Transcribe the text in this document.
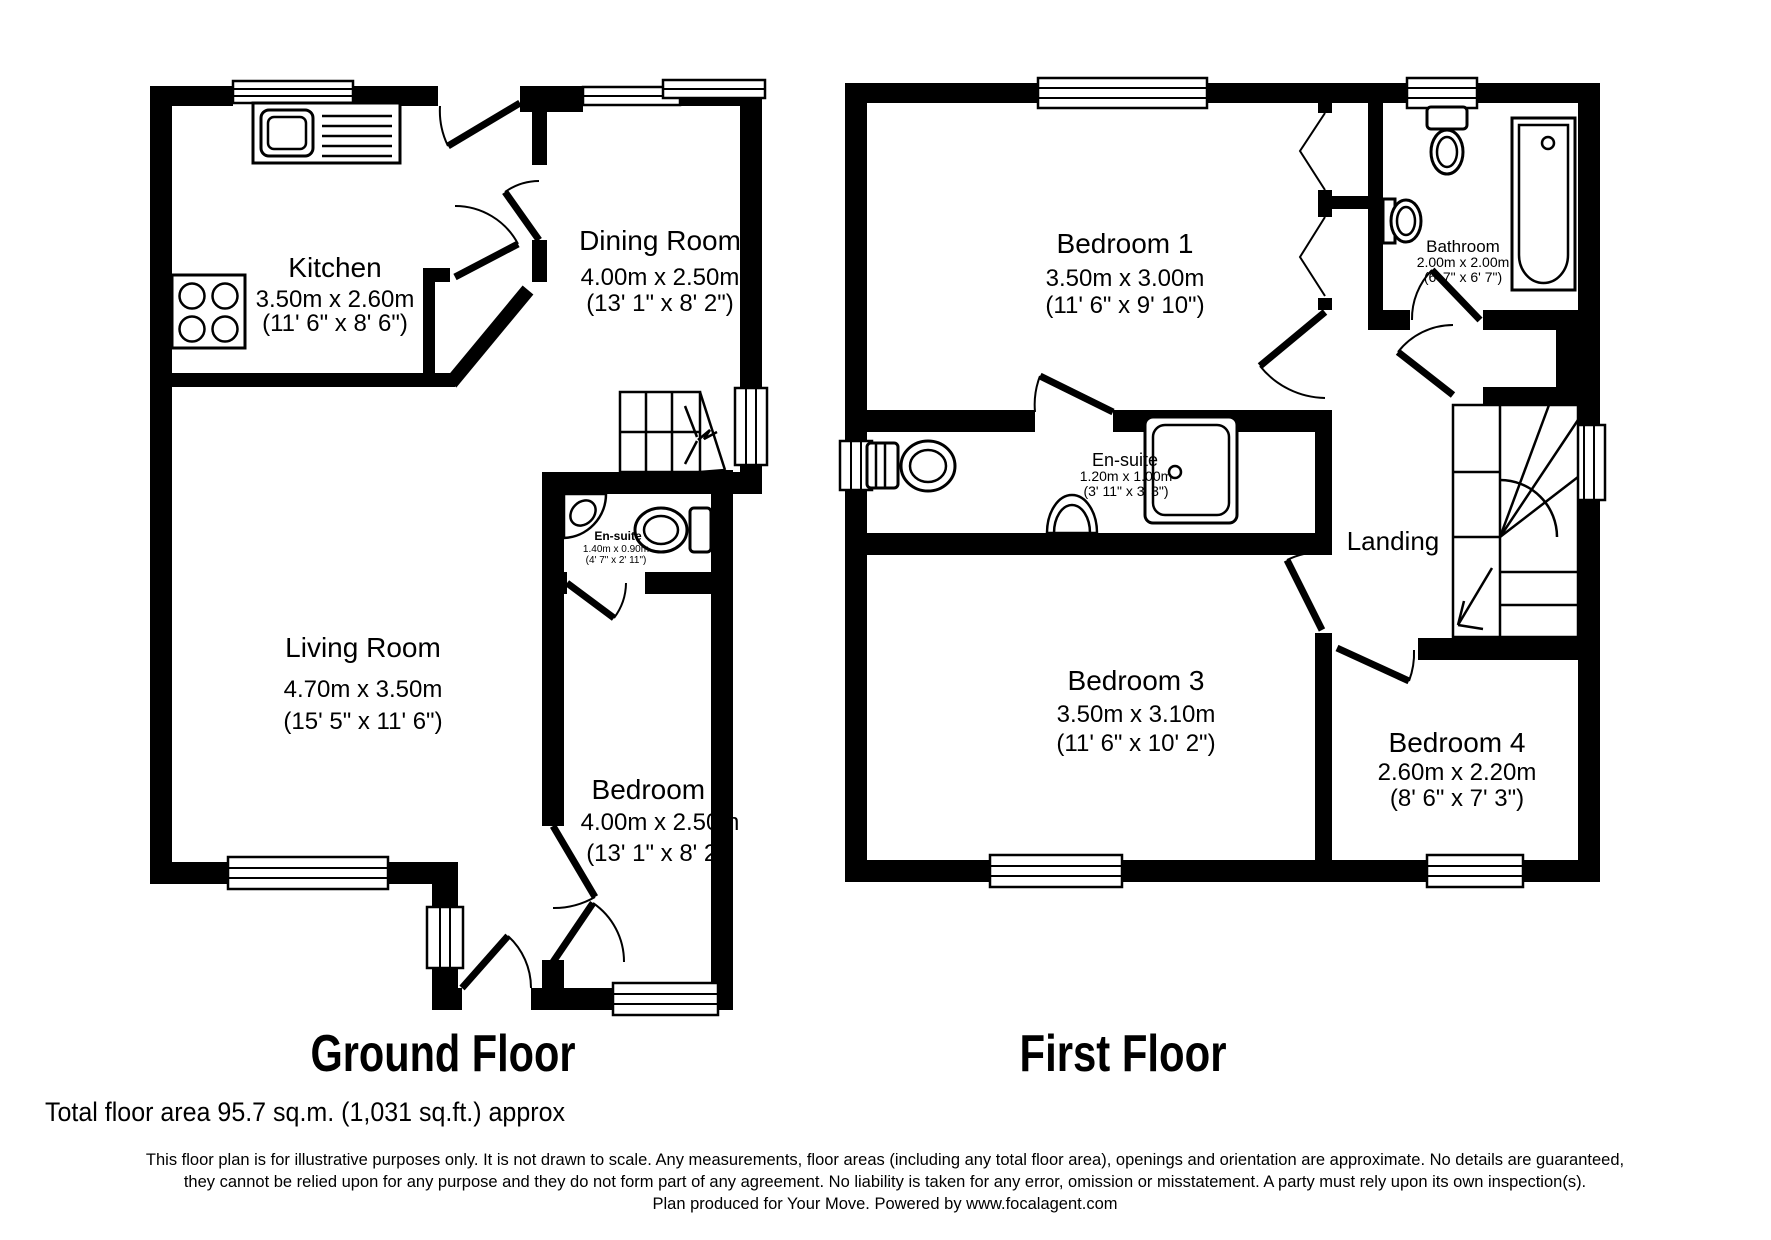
Kitchen
3.50m x 2.60m
(11' 6" x 8' 6")
Dining Room
4.00m x 2.50m
(13' 1" x 8' 2")
Living Room
4.70m x 3.50m
(15' 5" x 11' 6")
Bedroom 3
4.00m x 2.50m
(13' 1" x 8' 2")
En-suite
1.40m x 0.90m
(4' 7" x 2' 11")
Bedroom 1
3.50m x 3.00m
(11' 6" x 9' 10")
Bathroom
2.00m x 2.00m
(6' 7" x 6' 7")
En-suite
1.20m x 1.00m
(3' 11" x 3' 3")
Landing
Bedroom 3
3.50m x 3.10m
(11' 6" x 10' 2")	Bedroom 4
2.60m x 2.20m
(8' 6" x 7' 3")
Ground Floor	First Floor
Total floor area 95.7 sq.m. (1,031 sq.ft.) approx
This floor plan is for illustrative purposes only. It is not drawn to scale. Any measurements, floor areas (including any total floor area), openings and orientation are approximate. No details are guaranteed,
they cannot be relied upon for any purpose and they do not form part of any agreement. No liability is taken for any error, omission or misstatement. A party must rely upon its own inspection(s).
Plan produced for Your Move. Powered by www.focalagent.com
